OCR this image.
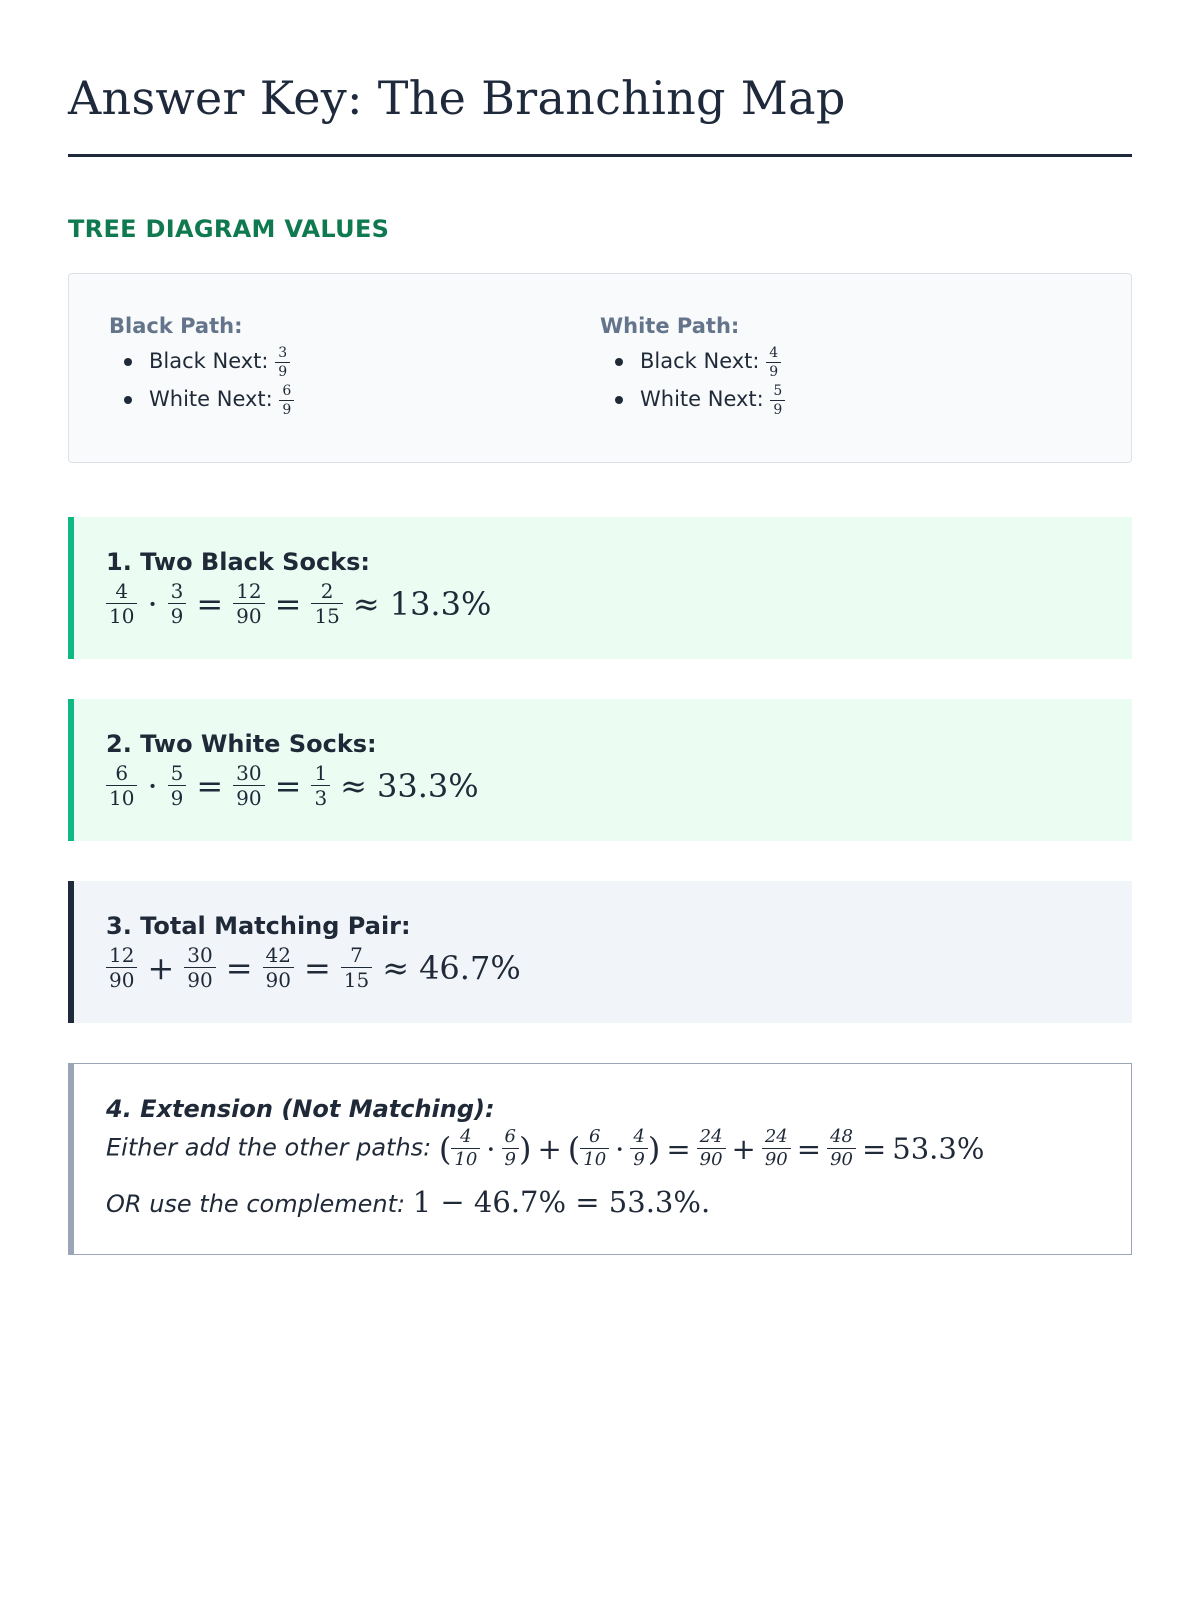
Answer Key: The Branching Map
TREE DIAGRAM VALUES
Black Path:
Black Next: $\frac{3}{9}$
White Next: $\frac{6}{9}$
White Path:
Black Next: $\frac{4}{9}$
White Next: $\frac{5}{9}$
1. Two Black Socks:
$\frac{4}{10} \cdot \frac{3}{9} = \frac{12}{90} = \frac{2}{15} \approx 13.3\%$
2. Two White Socks:
$\frac{6}{10} \cdot \frac{5}{9} = \frac{30}{90} = \frac{1}{3} \approx 33.3\%$
3. Total Matching Pair:
$\frac{12}{90} + \frac{30}{90} = \frac{42}{90} = \frac{7}{15} \approx 46.7\%$
4. Extension (Not Matching):
Either add the other paths: ( $\frac{4}{10} \cdot \frac{6}{9}$ ) + ( $\frac{6}{10} \cdot \frac{4}{9}$ ) = $\frac{24}{90} + \frac{24}{90} = \frac{48}{90} = 53.3\%$
OR use the complement: 1 − 46.7% = 53.3%.
